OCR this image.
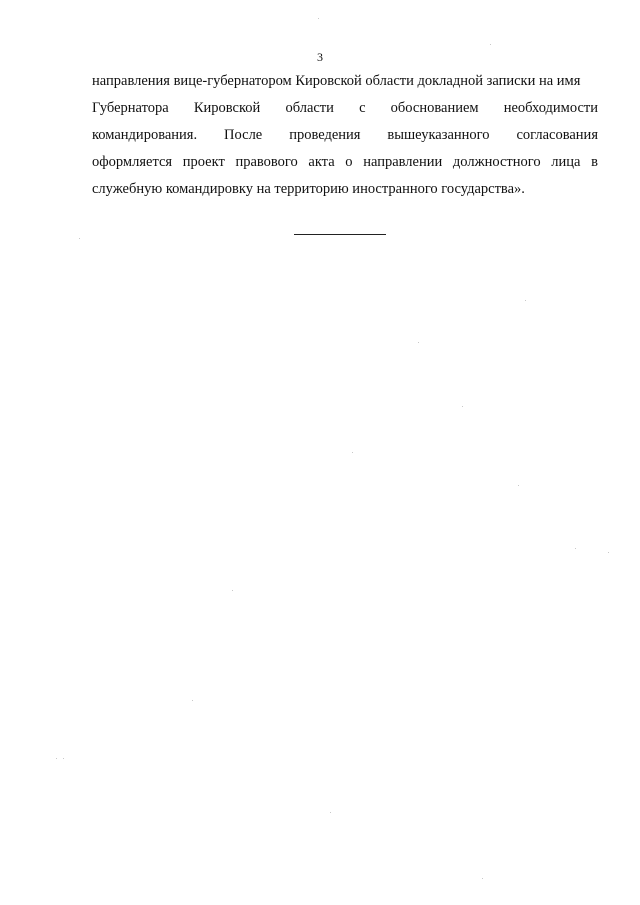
3
направления вице-губернатором Кировской области докладной записки на имя
Губернатора Кировской области с обоснованием необходимости
командирования. После проведения вышеуказанного согласования
оформляется проект правового акта о направлении должностного лица в
служебную командировку на территорию иностранного государства».
